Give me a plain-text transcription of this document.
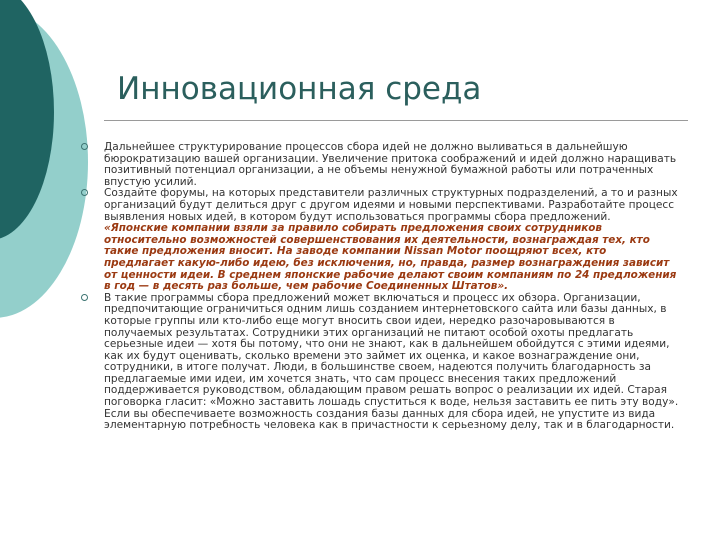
Инновационная среда
Дальнейшее структурирование процессов сбора идей не должно выливаться в дальнейшую бюрократизацию вашей организации. Увеличение притока соображений и идей должно наращивать позитивный потенциал организации, а не объемы ненужной бумажной работы или потраченных впустую усилий.
Создайте форумы, на которых представители различных структурных подразделений, а то и разных организаций будут делиться друг с другом идеями и новыми перспективами. Разработайте процесс выявления новых идей, в котором будут использоваться программы сбора предложений.
«Японские компании взяли за правило собирать предложения своих сотрудников относительно возможностей совершенствования их деятельности, вознаграждая тех, кто такие предложения вносит. На заводе компании Nissan Motor поощряют всех, кто предлагает какую-либо идею, без исключения, но, правда, размер вознаграждения зависит от ценности идеи. В среднем японские рабочие делают своим компаниям по 24 предложения в год — в десять раз больше, чем рабочие Соединенных Штатов».
В такие программы сбора предложений может включаться и процесс их обзора. Организации, предпочитающие ограничиться одним лишь созданием интернетовского сайта или базы данных, в которые группы или кто-либо еще могут вносить свои идеи, нередко разочаровываются в получаемых результатах. Сотрудники этих организаций не питают особой охоты предлагать серьезные идеи — хотя бы потому, что они не знают, как в дальнейшем обойдутся с этими идеями, как их будут оценивать, сколько времени это займет их оценка, и какое вознаграждение они, сотрудники, в итоге получат. Люди, в большинстве своем, надеются получить благодарность за предлагаемые ими идеи, им хочется знать, что сам процесс внесения таких предложений поддерживается руководством, обладающим правом решать вопрос о реализации их идей. Старая поговорка гласит: «Можно заставить лошадь спуститься к воде, нельзя заставить ее пить эту воду». Если вы обеспечиваете возможность создания базы данных для сбора идей, не упустите из вида элементарную потребность человека как в причастности к серьезному делу, так и в благодарности.
